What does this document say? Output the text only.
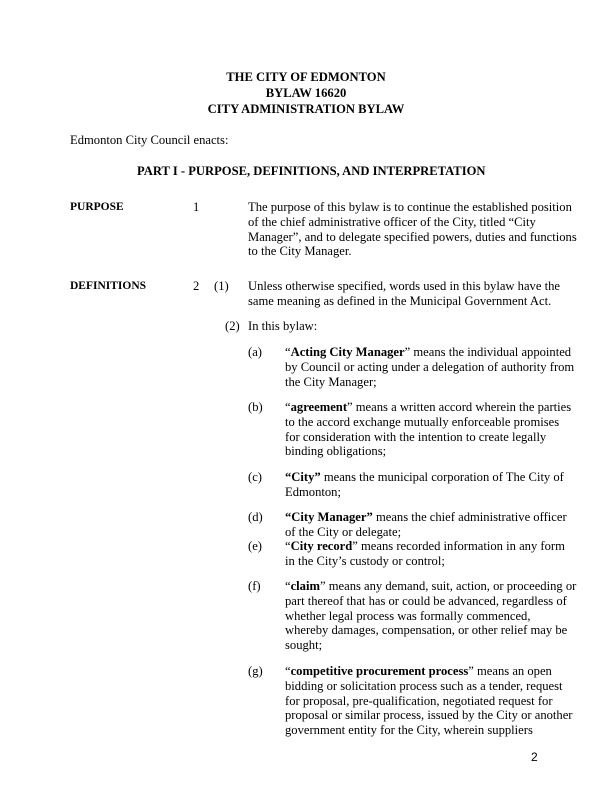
THE CITY OF EDMONTON
BYLAW 16620
CITY ADMINISTRATION BYLAW
Edmonton City Council enacts:
PART I - PURPOSE, DEFINITIONS, AND INTERPRETATION
PURPOSE	1	The purpose of this bylaw is to continue the established position
of the chief administrative officer of the City, titled “City
Manager”, and to delegate specified powers, duties and functions
to the City Manager.
DEFINITIONS	2 (1) Unless otherwise specified, words used in this bylaw have the
same meaning as defined in the Municipal Government Act.
(2) In this bylaw:
(a) “Acting City Manager” means the individual appointed
by Council or acting under a delegation of authority from
the City Manager;
(b) “agreement” means a written accord wherein the parties
to the accord exchange mutually enforceable promises
for consideration with the intention to create legally
binding obligations;
(c) “City” means the municipal corporation of The City of
Edmonton;
(d) “City Manager” means the chief administrative officer
of the City or delegate;
(e) “City record” means recorded information in any form
in the City’s custody or control;
(f) “claim” means any demand, suit, action, or proceeding or
part thereof that has or could be advanced, regardless of
whether legal process was formally commenced,
whereby damages, compensation, or other relief may be
sought;
(g) “competitive procurement process” means an open
bidding or solicitation process such as a tender, request
for proposal, pre-qualification, negotiated request for
proposal or similar process, issued by the City or another
government entity for the City, wherein suppliers
2
